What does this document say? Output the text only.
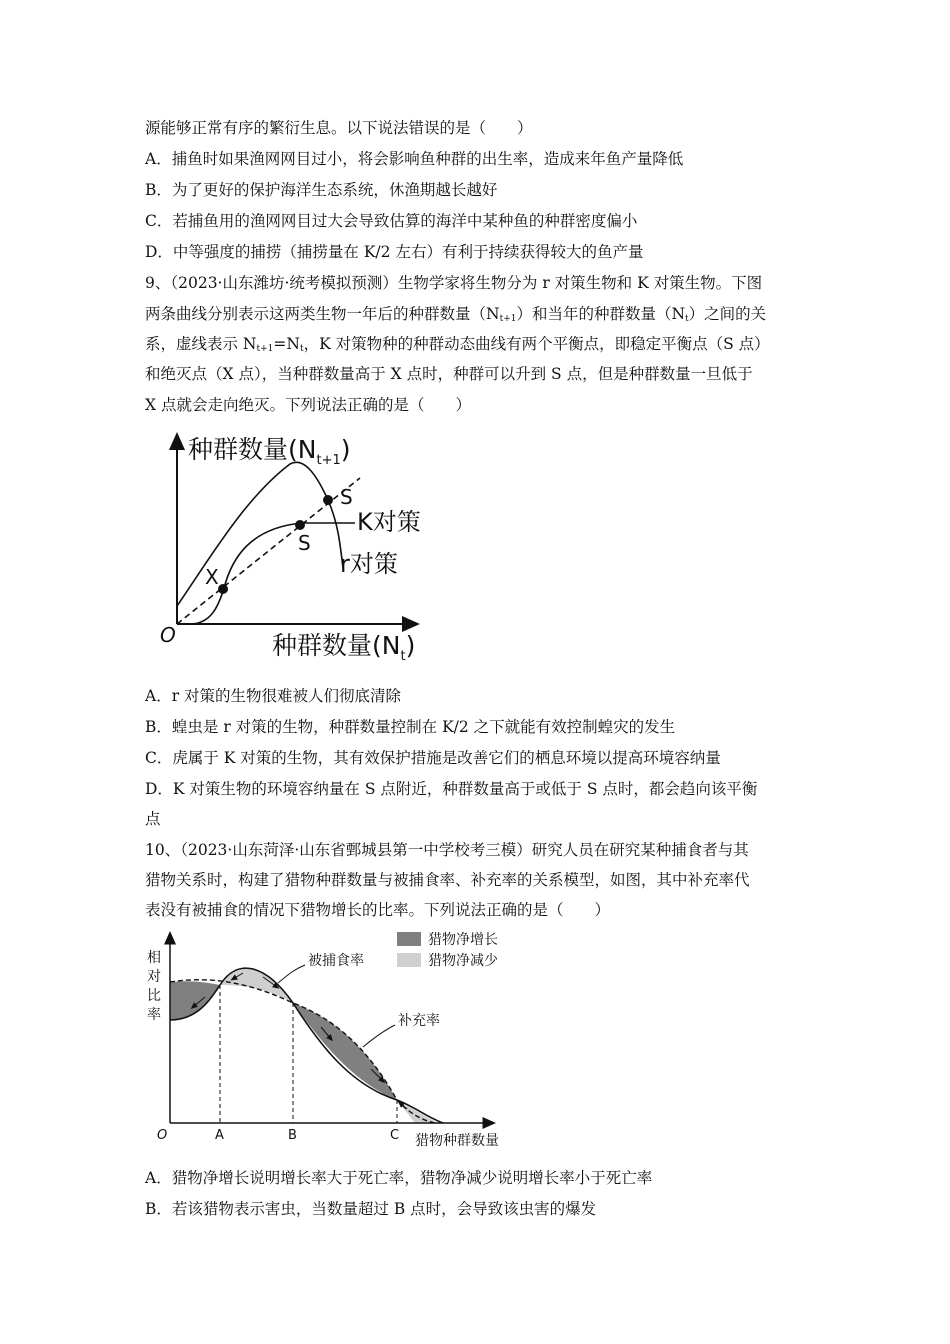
源能够正常有序的繁衍生息。以下说法错误的是（　　）
A．捕鱼时如果渔网网目过小，将会影响鱼种群的出生率，造成来年鱼产量降低
B．为了更好的保护海洋生态系统，休渔期越长越好
C．若捕鱼用的渔网网目过大会导致估算的海洋中某种鱼的种群密度偏小
D．中等强度的捕捞（捕捞量在 K/2 左右）有利于持续获得较大的鱼产量
9、（2023·山东潍坊·统考模拟预测）生物学家将生物分为 r 对策生物和 K 对策生物。下图
两条曲线分别表示这两类生物一年后的种群数量$(N_{t+1})$和当年的种群数量$(N_t)$之间的关
系，虚线表示 $N_{t+1}=N_t$，K 对策物种的种群动态曲线有两个平衡点，即稳定平衡点（S 点）
和绝灭点（X 点），当种群数量高于 X 点时，种群可以升到 S 点，但是种群数量一旦低于
X 点就会走向绝灭。下列说法正确的是（　　）
种群数量$(N_{t+1})$
种群数量$(N_t)$
O
K对策
r对策
X
S
S
A．r 对策的生物很难被人们彻底清除
B．蝗虫是 r 对策的生物，种群数量控制在 K/2 之下就能有效控制蝗灾的发生
C．虎属于 K 对策的生物，其有效保护措施是改善它们的栖息环境以提高环境容纳量
D．K 对策生物的环境容纳量在 S 点附近，种群数量高于或低于 S 点时，都会趋向该平衡
点
10、（2023·山东菏泽·山东省鄄城县第一中学校考三模）研究人员在研究某种捕食者与其
猎物关系时，构建了猎物种群数量与被捕食率、补充率的关系模型，如图，其中补充率代
表没有被捕食的情况下猎物增长的比率。下列说法正确的是（　　）
相
对
比
率
O	A	B	C 猎物种群数量
被捕食率
补充率
猎物净增长
猎物净减少
A．猎物净增长说明增长率大于死亡率，猎物净减少说明增长率小于死亡率
B．若该猎物表示害虫，当数量超过 B 点时，会导致该虫害的爆发
